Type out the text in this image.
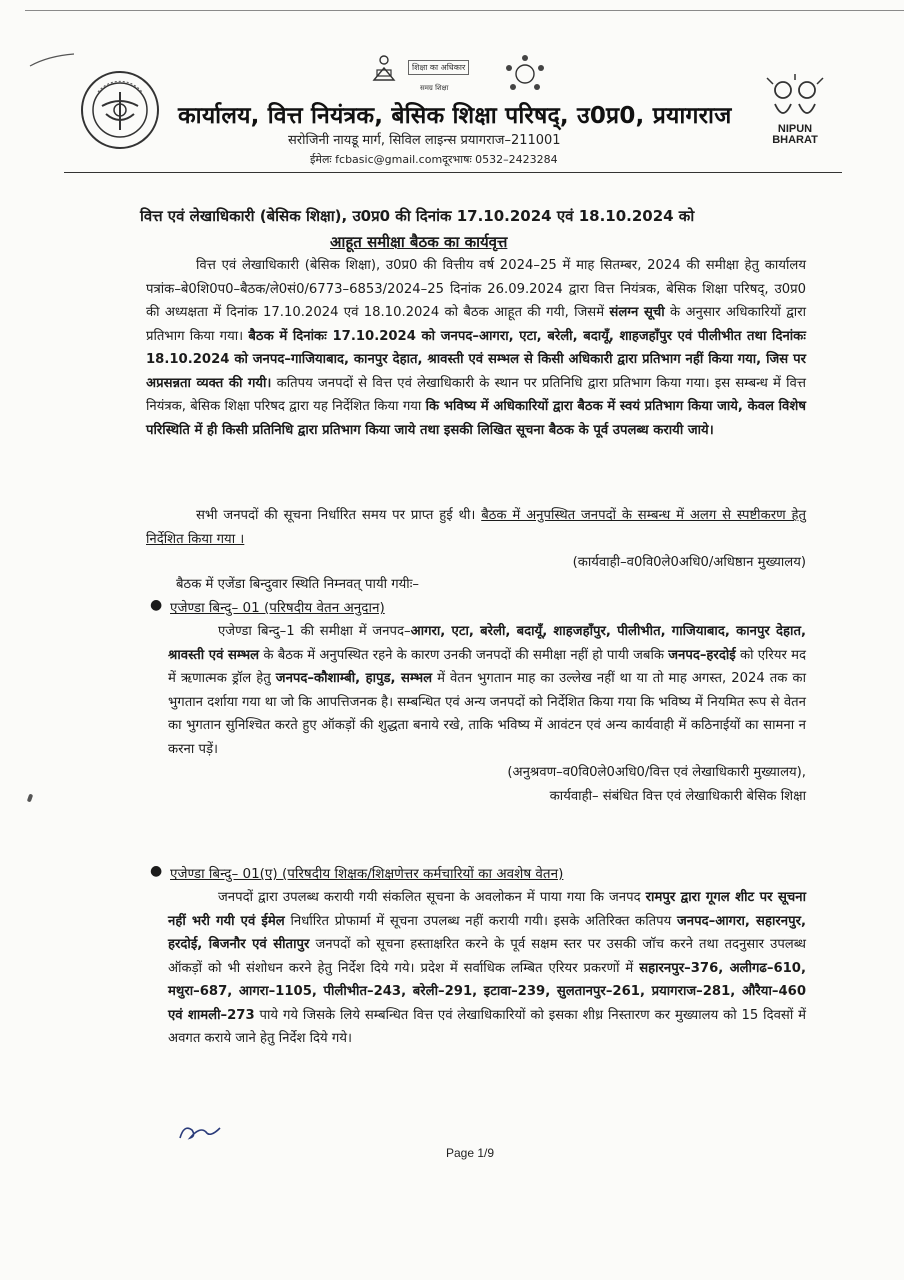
शिक्षा का अधिकार
समग्र शिक्षा
कार्यालय, वित्त नियंत्रक, बेसिक शिक्षा परिषद्, उ0प्र0, प्रयागराज
सरोजिनी नायडू मार्ग, सिविल लाइन्स प्रयागराज–211001
ईमेलः fcbasic@gmail.comदूरभाषः 0532–2423284
NIPUN
BHARAT
वित्त एवं लेखाधिकारी (बेसिक शिक्षा), उ0प्र0 की दिनांक 17.10.2024 एवं 18.10.2024 को
आहूत समीक्षा बैठक का कार्यवृत्त

वित्त एवं लेखाधिकारी (बेसिक शिक्षा), उ0प्र0 की वित्तीय वर्ष 2024–25 में माह सितम्बर, 2024 की समीक्षा हेतु कार्यालय पत्रांक–बे0शि0प0–बैठक/ले0सं0/6773–6853/2024–25 दिनांक 26.09.2024 द्वारा वित्त नियंत्रक, बेसिक शिक्षा परिषद्, उ0प्र0 की अध्यक्षता में दिनांक 17.10.2024 एवं 18.10.2024 को बैठक आहूत की गयी, जिसमें संलग्न सूची के अनुसार अधिकारियों द्वारा प्रतिभाग किया गया। बैठक में दिनांकः 17.10.2024 को जनपद–आगरा, एटा, बरेली, बदायूँ, शाहजहाँपुर एवं पीलीभीत तथा दिनांकः 18.10.2024 को जनपद–गाजियाबाद, कानपुर देहात, श्रावस्ती एवं सम्भल से किसी अधिकारी द्वारा प्रतिभाग नहीं किया गया, जिस पर अप्रसन्नता व्यक्त की गयी। कतिपय जनपदों से वित्त एवं लेखाधिकारी के स्थान पर प्रतिनिधि द्वारा प्रतिभाग किया गया। इस सम्बन्ध में वित्त नियंत्रक, बेसिक शिक्षा परिषद द्वारा यह निर्देशित किया गया कि भविष्य में अधिकारियों द्वारा बैठक में स्वयं प्रतिभाग किया जाये, केवल विशेष परिस्थिति में ही किसी प्रतिनिधि द्वारा प्रतिभाग किया जाये तथा इसकी लिखित सूचना बैठक के पूर्व उपलब्ध करायी जाये।

सभी जनपदों की सूचना निर्धारित समय पर प्राप्त हुई थी। बैठक में अनुपस्थित जनपदों के सम्बन्ध में अलग से स्पष्टीकरण हेतु निर्देशित किया गया ।

(कार्यवाही–व0वि0ले0अधि0/अधिष्ठान मुख्यालय)

बैठक में एजेंडा बिन्दुवार स्थिति निम्नवत् पायी गयीः–
● एजेण्डा बिन्दु– 01 (परिषदीय वेतन अनुदान)

एजेण्डा बिन्दु–1 की समीक्षा में जनपद–आगरा, एटा, बरेली, बदायूँ, शाहजहाँपुर, पीलीभीत, गाजियाबाद, कानपुर देहात, श्रावस्ती एवं सम्भल के बैठक में अनुपस्थित रहने के कारण उनकी जनपदों की समीक्षा नहीं हो पायी जबकि जनपद–हरदोई को एरियर मद में ऋणात्मक ड्रॉल हेतु जनपद–कौशाम्बी, हापुड, सम्भल में वेतन भुगतान माह का उल्लेख नहीं था या तो माह अगस्त, 2024 तक का भुगतान दर्शाया गया था जो कि आपत्तिजनक है। सम्बन्धित एवं अन्य जनपदों को निर्देशित किया गया कि भविष्य में नियमित रूप से वेतन का भुगतान सुनिश्चित करते हुए ऑकड़ों की शुद्धता बनाये रखे, ताकि भविष्य में आवंटन एवं अन्य कार्यवाही में कठिनाईयों का सामना न करना पड़ें।

(अनुश्रवण–व0वि0ले0अधि0/वित्त एवं लेखाधिकारी मुख्यालय),

कार्यवाही– संबंधित वित्त एवं लेखाधिकारी बेसिक शिक्षा

● एजेण्डा बिन्दु– 01(ए) (परिषदीय शिक्षक/शिक्षणेत्तर कर्मचारियों का अवशेष वेतन)

जनपदों द्वारा उपलब्ध करायी गयी संकलित सूचना के अवलोकन में पाया गया कि जनपद रामपुर द्वारा गूगल शीट पर सूचना नहीं भरी गयी एवं ईमेल निर्धारित प्रोफार्मा में सूचना उपलब्ध नहीं करायी गयी। इसके अतिरिक्त कतिपय जनपद–आगरा, सहारनपुर, हरदोई, बिजनौर एवं सीतापुर जनपदों को सूचना हस्ताक्षरित करने के पूर्व सक्षम स्तर पर उसकी जॉच करने तथा तदनुसार उपलब्ध ऑकड़ों को भी संशोधन करने हेतु निर्देश दिये गये। प्रदेश में सर्वाधिक लम्बित एरियर प्रकरणों में सहारनपुर–376, अलीगढ–610, मथुरा–687, आगरा–1105, पीलीभीत–243, बरेली–291, इटावा–239, सुलतानपुर–261, प्रयागराज–281, औरैया–460 एवं शामली–273 पाये गये जिसके लिये सम्बन्धित वित्त एवं लेखाधिकारियों को इसका शीध्र निस्तारण कर मुख्यालय को 15 दिवसों में अवगत कराये जाने हेतु निर्देश दिये गये।

Page 1/9
